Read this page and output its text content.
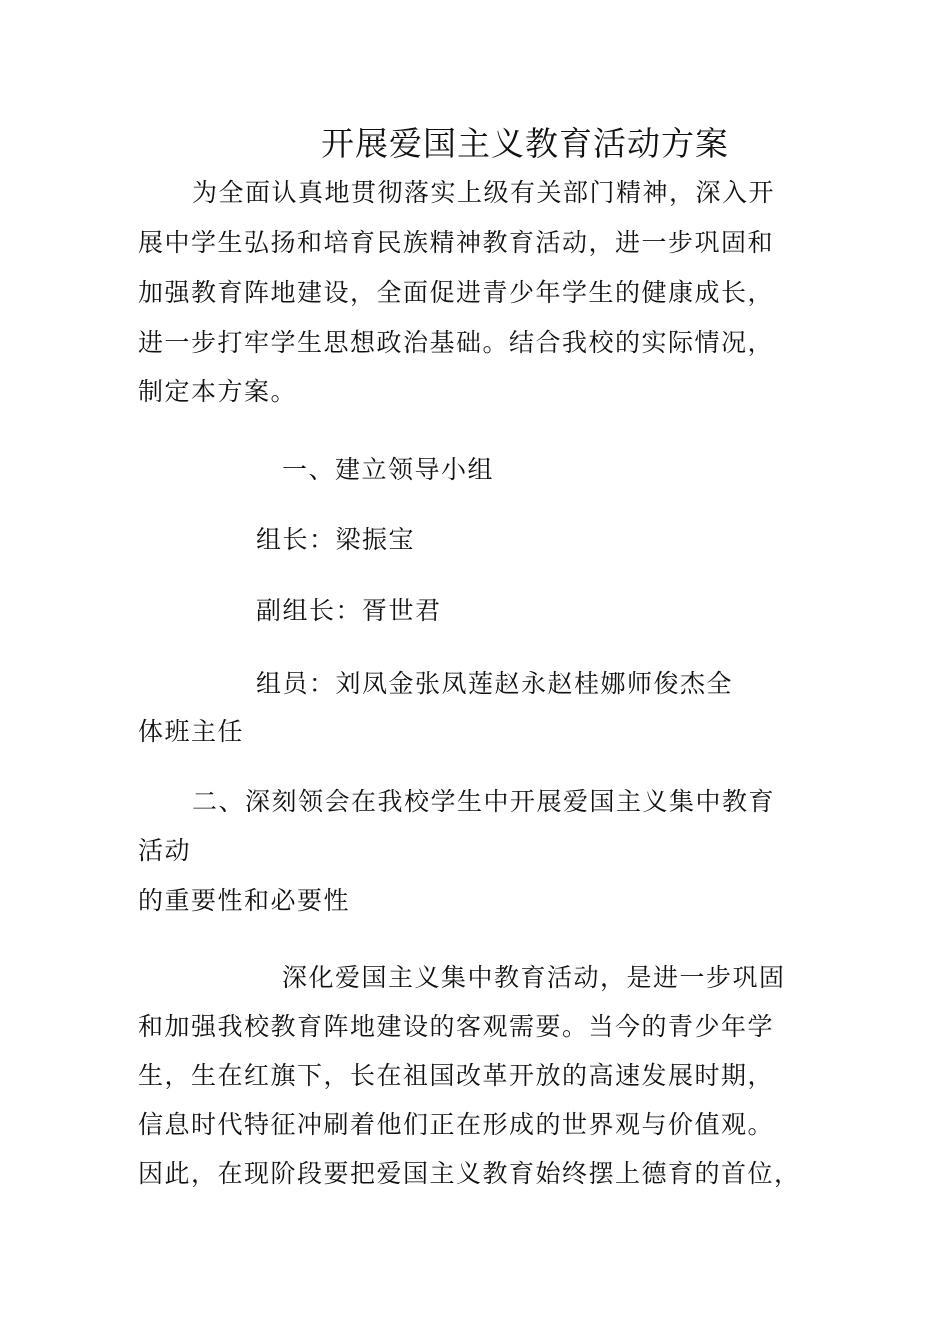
开展爱国主义教育活动方案
为全面认真地贯彻落实上级有关部门精神，深入开
展中学生弘扬和培育民族精神教育活动，进一步巩固和
加强教育阵地建设，全面促进青少年学生的健康成长，
进一步打牢学生思想政治基础。结合我校的实际情况，
制定本方案。
一、建立领导小组
组长：梁振宝
副组长：胥世君
组员：刘凤金张凤莲赵永赵桂娜师俊杰全
体班主任
二、深刻领会在我校学生中开展爱国主义集中教育
活动
的重要性和必要性
深化爱国主义集中教育活动，是进一步巩固
和加强我校教育阵地建设的客观需要。当今的青少年学
生，生在红旗下，长在祖国改革开放的高速发展时期，
信息时代特征冲刷着他们正在形成的世界观与价值观。
因此，在现阶段要把爱国主义教育始终摆上德育的首位，
